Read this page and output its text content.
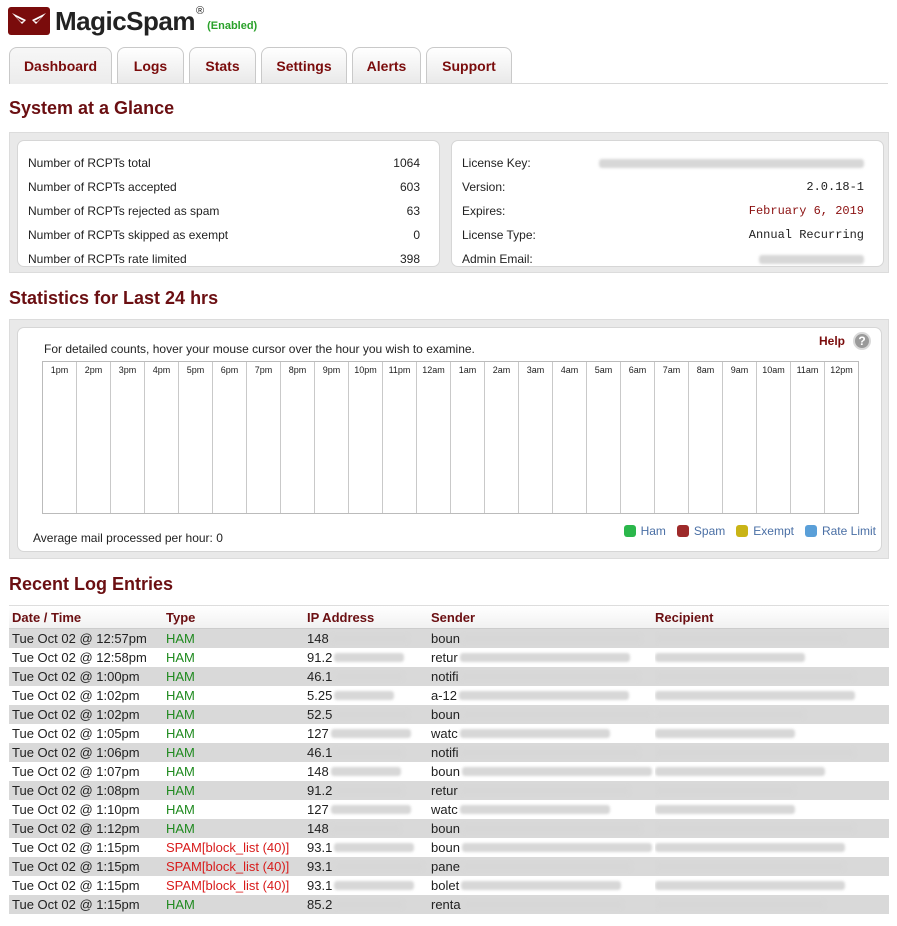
MagicSpam ®
(Enabled)
Dashboard	Logs	Stats	Settings	Alerts	Support
System at a Glance
Number of RCPTs total	1064
Number of RCPTs accepted	603
Number of RCPTs rejected as spam	63
Number of RCPTs skipped as exempt	0
Number of RCPTs rate limited	398
License Key:
Version:	2.0.18-1
Expires:	February 6, 2019
License Type:	Annual Recurring
Admin Email:
Statistics for Last 24 hrs
For detailed counts, hover your mouse cursor over the hour you wish to examine.
Help	?
1pm	2pm	3pm	4pm	5pm	6pm	7pm	8pm	9pm	10pm	11pm	12am	1am	2am	3am	4am	5am	6am	7am	8am	9am	10am	11am	12pm
Average mail processed per hour: 0	Ham Spam Exempt Rate Limit
Recent Log Entries
Date / Time	Type	IP Address	Sender	Recipient
Tue Oct 02 @ 12:57pm	HAM	148	boun
Tue Oct 02 @ 12:58pm	HAM	91.2	retur
Tue Oct 02 @ 1:00pm	HAM	46.1	notifi
Tue Oct 02 @ 1:02pm	HAM	5.25	a-12
Tue Oct 02 @ 1:02pm	HAM	52.5	boun
Tue Oct 02 @ 1:05pm	HAM	127	watc
Tue Oct 02 @ 1:06pm	HAM	46.1	notifi
Tue Oct 02 @ 1:07pm	HAM	148	boun
Tue Oct 02 @ 1:08pm	HAM	91.2	retur
Tue Oct 02 @ 1:10pm	HAM	127	watc
Tue Oct 02 @ 1:12pm	HAM	148	boun
Tue Oct 02 @ 1:15pm	SPAM[block_list (40)]	93.1	boun
Tue Oct 02 @ 1:15pm	SPAM[block_list (40)]	93.1	pane
Tue Oct 02 @ 1:15pm	SPAM[block_list (40)]	93.1	bolet
Tue Oct 02 @ 1:15pm	HAM	85.2	renta
